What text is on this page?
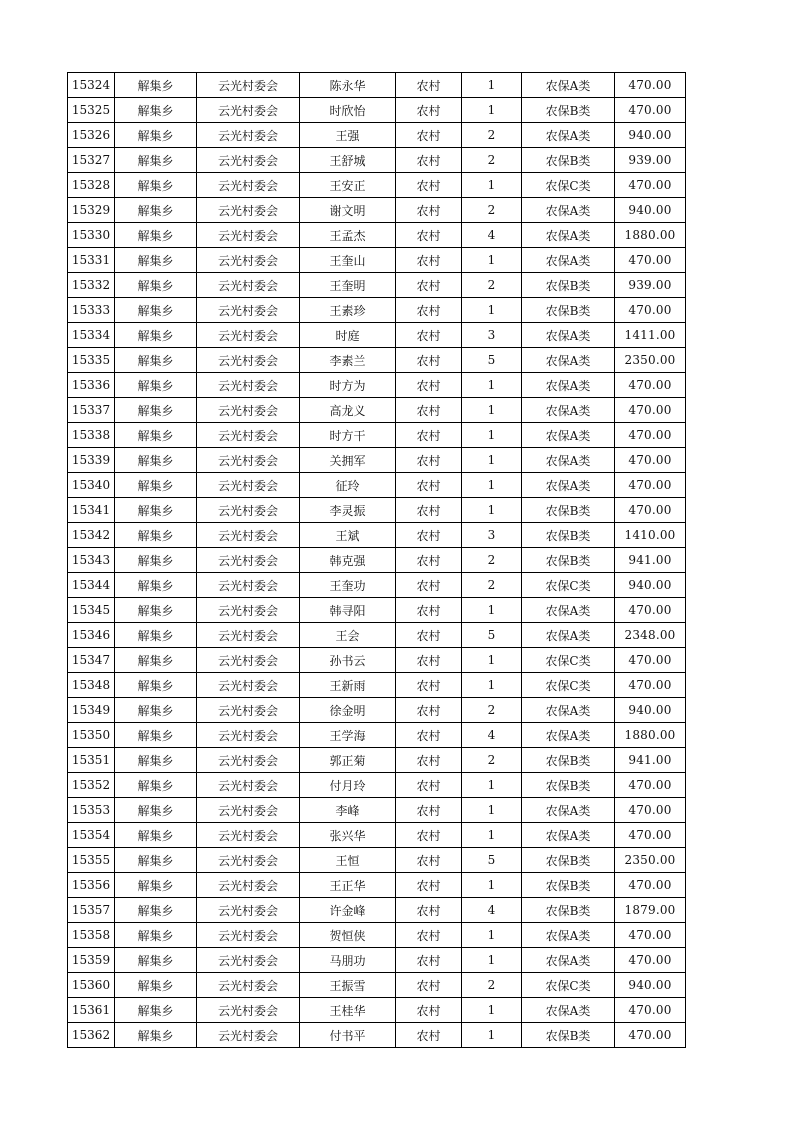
15324	解集乡	云光村委会	陈永华	农村	1	农保A类	470.00
15325	解集乡	云光村委会	时欣怡	农村	1	农保B类	470.00
15326	解集乡	云光村委会	王强	农村	2	农保A类	940.00
15327	解集乡	云光村委会	王舒城	农村	2	农保B类	939.00
15328	解集乡	云光村委会	王安正	农村	1	农保C类	470.00
15329	解集乡	云光村委会	谢文明	农村	2	农保A类	940.00
15330	解集乡	云光村委会	王孟杰	农村	4	农保A类	1880.00
15331	解集乡	云光村委会	王奎山	农村	1	农保A类	470.00
15332	解集乡	云光村委会	王奎明	农村	2	农保B类	939.00
15333	解集乡	云光村委会	王素珍	农村	1	农保B类	470.00
15334	解集乡	云光村委会	时庭	农村	3	农保A类	1411.00
15335	解集乡	云光村委会	李素兰	农村	5	农保A类	2350.00
15336	解集乡	云光村委会	时方为	农村	1	农保A类	470.00
15337	解集乡	云光村委会	高龙义	农村	1	农保A类	470.00
15338	解集乡	云光村委会	时方干	农村	1	农保A类	470.00
15339	解集乡	云光村委会	关拥军	农村	1	农保A类	470.00
15340	解集乡	云光村委会	征玲	农村	1	农保A类	470.00
15341	解集乡	云光村委会	李灵振	农村	1	农保B类	470.00
15342	解集乡	云光村委会	王斌	农村	3	农保B类	1410.00
15343	解集乡	云光村委会	韩克强	农村	2	农保B类	941.00
15344	解集乡	云光村委会	王奎功	农村	2	农保C类	940.00
15345	解集乡	云光村委会	韩寻阳	农村	1	农保A类	470.00
15346	解集乡	云光村委会	王会	农村	5	农保A类	2348.00
15347	解集乡	云光村委会	孙书云	农村	1	农保C类	470.00
15348	解集乡	云光村委会	王新雨	农村	1	农保C类	470.00
15349	解集乡	云光村委会	徐金明	农村	2	农保A类	940.00
15350	解集乡	云光村委会	王学海	农村	4	农保A类	1880.00
15351	解集乡	云光村委会	郭正菊	农村	2	农保B类	941.00
15352	解集乡	云光村委会	付月玲	农村	1	农保B类	470.00
15353	解集乡	云光村委会	李峰	农村	1	农保A类	470.00
15354	解集乡	云光村委会	张兴华	农村	1	农保A类	470.00
15355	解集乡	云光村委会	王恒	农村	5	农保B类	2350.00
15356	解集乡	云光村委会	王正华	农村	1	农保B类	470.00
15357	解集乡	云光村委会	许金峰	农村	4	农保B类	1879.00
15358	解集乡	云光村委会	贺恒侠	农村	1	农保A类	470.00
15359	解集乡	云光村委会	马朋功	农村	1	农保A类	470.00
15360	解集乡	云光村委会	王振雪	农村	2	农保C类	940.00
15361	解集乡	云光村委会	王桂华	农村	1	农保A类	470.00
15362	解集乡	云光村委会	付书平	农村	1	农保B类	470.00
